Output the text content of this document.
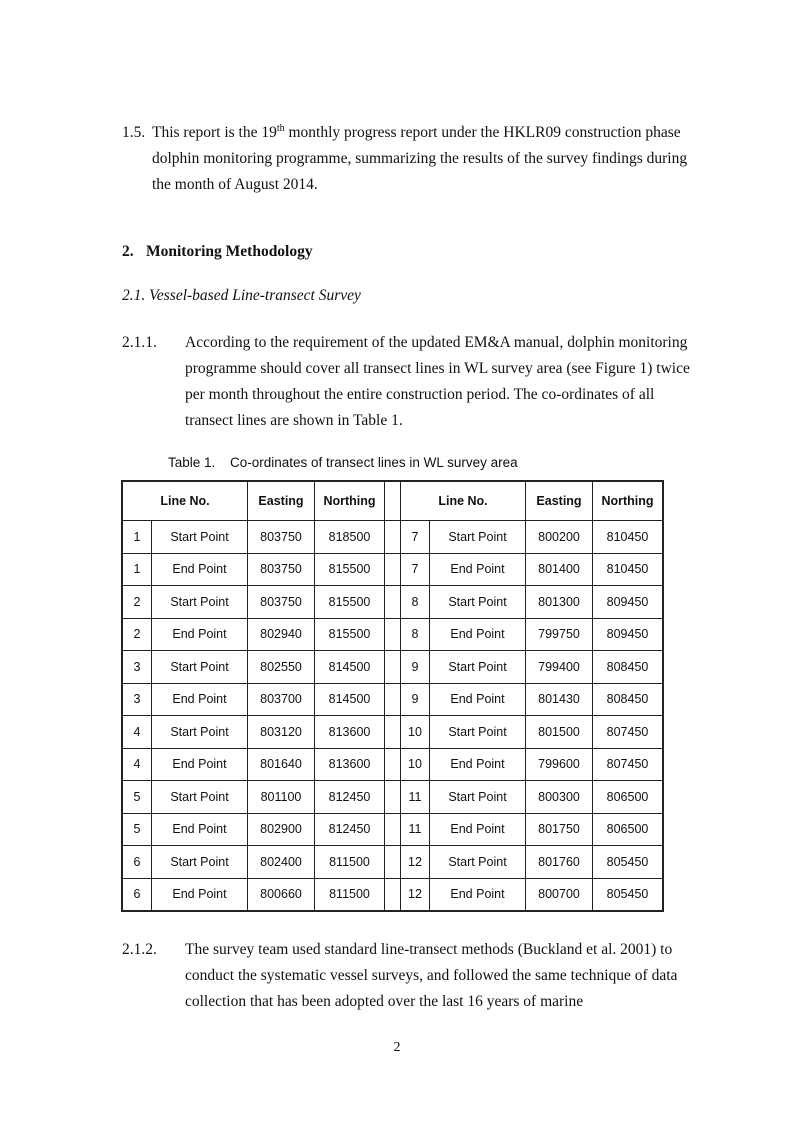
1.5. This report is the 19th monthly progress report under the HKLR09 construction phase dolphin monitoring programme, summarizing the results of the survey findings during the month of August 2014.
2. Monitoring Methodology
2.1. Vessel-based Line-transect Survey
2.1.1. According to the requirement of the updated EM&A manual, dolphin monitoring programme should cover all transect lines in WL survey area (see Figure 1) twice per month throughout the entire construction period. The co-ordinates of all transect lines are shown in Table 1.
Table 1. Co-ordinates of transect lines in WL survey area
Line No.		Easting	Northing		Line No.		Easting	Northing
1	Start Point	803750	818500		7	Start Point	800200	810450
1	End Point	803750	815500		7	End Point	801400	810450
2	Start Point	803750	815500		8	Start Point	801300	809450
2	End Point	802940	815500		8	End Point	799750	809450
3	Start Point	802550	814500		9	Start Point	799400	808450
3	End Point	803700	814500		9	End Point	801430	808450
4	Start Point	803120	813600		10	Start Point	801500	807450
4	End Point	801640	813600		10	End Point	799600	807450
5	Start Point	801100	812450		11	Start Point	800300	806500
5	End Point	802900	812450		11	End Point	801750	806500
6	Start Point	802400	811500		12	Start Point	801760	805450
6	End Point	800660	811500		12	End Point	800700	805450
2.1.2. The survey team used standard line-transect methods (Buckland et al. 2001) to conduct the systematic vessel surveys, and followed the same technique of data collection that has been adopted over the last 16 years of marine
2
